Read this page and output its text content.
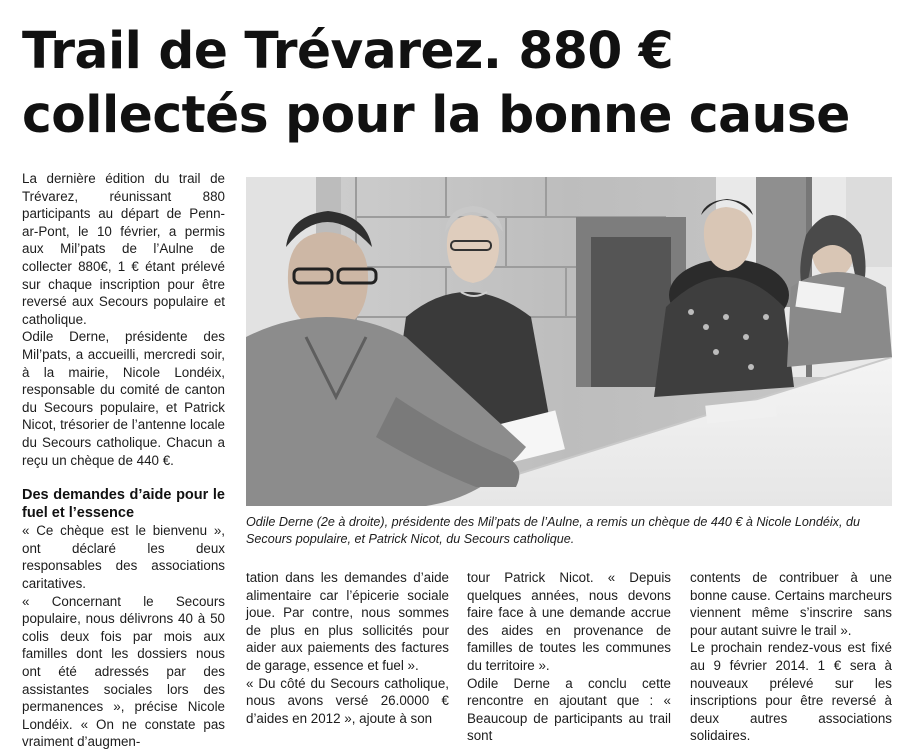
Trail de Trévarez. 880 €
collectés pour la bonne cause

La dernière édition du trail de Trévarez, réunissant 880 participants au départ de Penn-ar-Pont, le 10 février, a permis aux Mil’pats de l’Aulne de collecter 880€, 1 € étant prélevé sur chaque inscription pour être reversé aux Secours populaire et catholique.

Odile Derne, présidente des Mil’pats, a accueilli, mercredi soir, à la mairie, Nicole Londéix, responsable du comité de canton du Secours populaire, et Patrick Nicot, trésorier de l’antenne locale du Secours catholique. Chacun a reçu un chèque de 440 €.

Des demandes d’aide pour le fuel et l’essence

« Ce chèque est le bienvenu », ont déclaré les deux responsables des associations caritatives.

« Concernant le Secours populaire, nous délivrons 40 à 50 colis deux fois par mois aux familles dont les dossiers nous ont été adressés par des assistantes sociales lors des permanences », précise Nicole Londéix. « On ne constate pas vraiment d’augmen-

Odile Derne (2e à droite), présidente des Mil’pats de l’Aulne, a remis un chèque de 440 € à Nicole Londéix, du Secours populaire, et Patrick Nicot, du Secours catholique.

tation dans les demandes d’aide alimentaire car l’épicerie sociale joue. Par contre, nous sommes de plus en plus sollicités pour aider aux paiements des factures de garage, essence et fuel ».

« Du côté du Secours catholique, nous avons versé 26.0000 € d’aides en 2012 », ajoute à son

tour Patrick Nicot. « Depuis quelques années, nous devons faire face à une demande accrue des aides en provenance de familles de toutes les communes du territoire ».

Odile Derne a conclu cette rencontre en ajoutant que : « Beaucoup de participants au trail sont

contents de contribuer à une bonne cause. Certains marcheurs viennent même s’inscrire sans pour autant suivre le trail ».

Le prochain rendez-vous est fixé au 9 février 2014. 1 € sera à nouveaux prélevé sur les inscriptions pour être reversé à deux autres associations solidaires.
